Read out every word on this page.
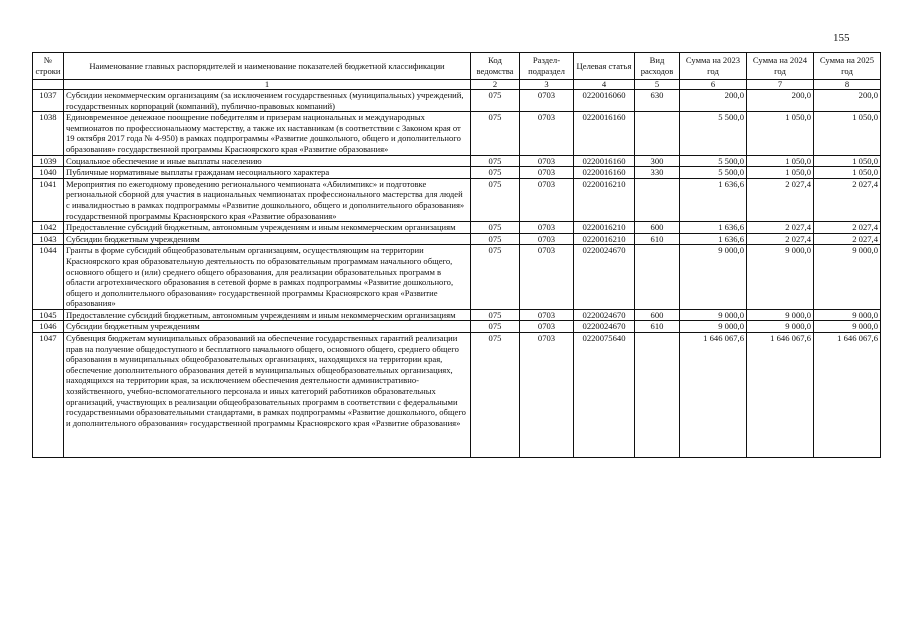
155
№ строки	Наименование главных распорядителей и наименование показателей бюджетной классификации	Код ведомства	Раздел-подраздел	Целевая статья	Вид расходов	Сумма на 2023 год	Сумма на 2024 год	Сумма на 2025 год
	1	2	3	4	5	6	7	8
1037	Субсидии некоммерческим организациям (за исключением государственных (муниципальных) учреждений, государственных корпораций (компаний), публично-правовых компаний)	075	0703	0220016060	630	200,0	200,0	200,0
1038	Единовременное денежное поощрение победителям и призерам национальных и международных чемпионатов по профессиональному мастерству, а также их наставникам (в соответствии с Законом края от 19 октября 2017 года № 4-950) в рамках подпрограммы «Развитие дошкольного, общего и дополнительного образования» государственной программы Красноярского края «Развитие образования»	075	0703	0220016160		5 500,0	1 050,0	1 050,0
1039	Социальное обеспечение и иные выплаты населению	075	0703	0220016160	300	5 500,0	1 050,0	1 050,0
1040	Публичные нормативные выплаты гражданам несоциального характера	075	0703	0220016160	330	5 500,0	1 050,0	1 050,0
1041	Мероприятия по ежегодному проведению регионального чемпионата «Абилимпикс» и подготовке региональной сборной для участия в национальных чемпионатах профессионального мастерства для людей с инвалидностью в рамках подпрограммы «Развитие дошкольного, общего и дополнительного образования» государственной программы Красноярского края «Развитие образования»	075	0703	0220016210		1 636,6	2 027,4	2 027,4
1042	Предоставление субсидий бюджетным, автономным учреждениям и иным некоммерческим организациям	075	0703	0220016210	600	1 636,6	2 027,4	2 027,4
1043	Субсидии бюджетным учреждениям	075	0703	0220016210	610	1 636,6	2 027,4	2 027,4
1044	Гранты в форме субсидий общеобразовательным организациям, осуществляющим на территории Красноярского края образовательную деятельность по образовательным программам начального общего, основного общего и (или) среднего общего образования, для реализации образовательных программ в области агротехнического образования в сетевой форме в рамках подпрограммы «Развитие дошкольного, общего и дополнительного образования» государственной программы Красноярского края «Развитие образования»	075	0703	0220024670		9 000,0	9 000,0	9 000,0
1045	Предоставление субсидий бюджетным, автономным учреждениям и иным некоммерческим организациям	075	0703	0220024670	600	9 000,0	9 000,0	9 000,0
1046	Субсидии бюджетным учреждениям	075	0703	0220024670	610	9 000,0	9 000,0	9 000,0
1047	Субвенция бюджетам муниципальных образований на обеспечение государственных гарантий реализации прав на получение общедоступного и бесплатного начального общего, основного общего, среднего общего образования в муниципальных общеобразовательных организациях, находящихся на территории края, обеспечение дополнительного образования детей в муниципальных общеобразовательных организациях, находящихся на территории края, за исключением обеспечения деятельности административно-хозяйственного, учебно-вспомогательного персонала и иных категорий работников образовательных организаций, участвующих в реализации общеобразовательных программ в соответствии с федеральными государственными образовательными стандартами, в рамках подпрограммы «Развитие дошкольного, общего и дополнительного образования» государственной программы Красноярского края «Развитие образования»	075	0703	0220075640		1 646 067,6	1 646 067,6	1 646 067,6
